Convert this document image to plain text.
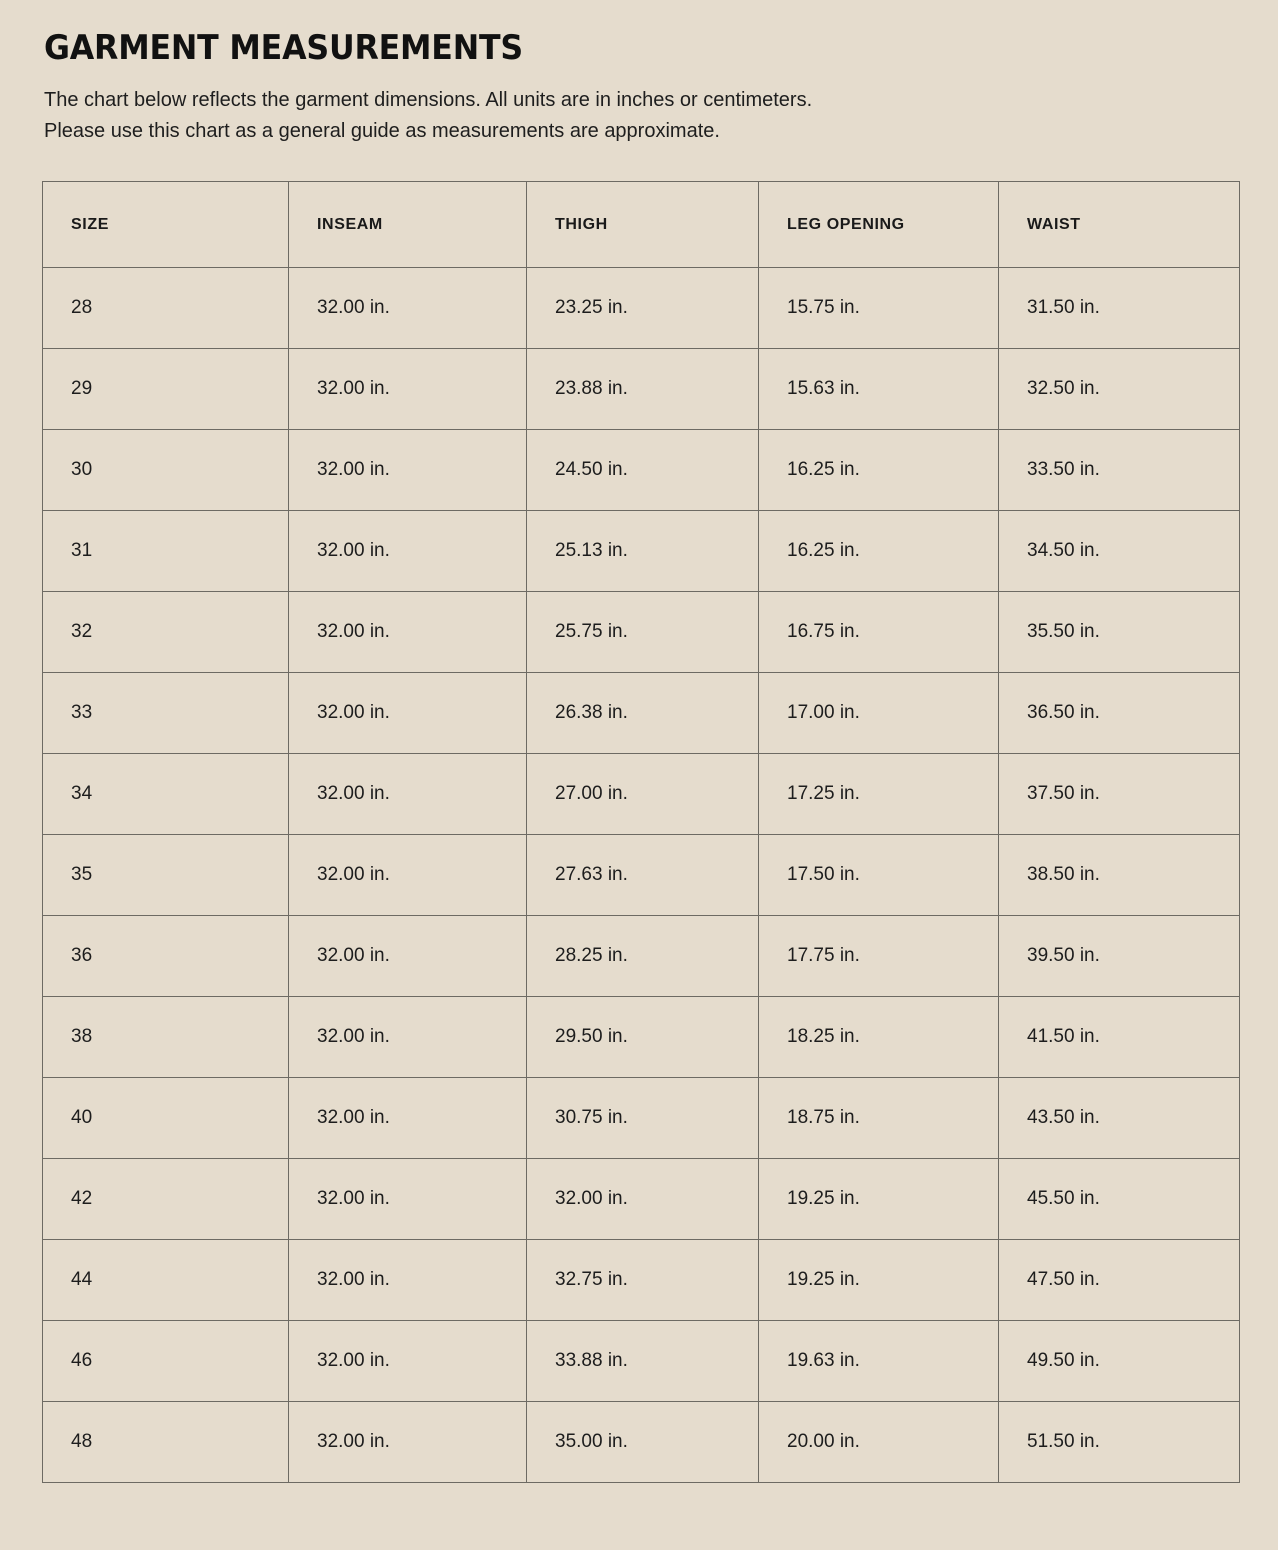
GARMENT MEASUREMENTS

The chart below reflects the garment dimensions. All units are in inches or centimeters.
Please use this chart as a general guide as measurements are approximate.

SIZE	INSEAM	THIGH	LEG OPENING	WAIST
28	32.00 in.	23.25 in.	15.75 in.	31.50 in.
29	32.00 in.	23.88 in.	15.63 in.	32.50 in.
30	32.00 in.	24.50 in.	16.25 in.	33.50 in.
31	32.00 in.	25.13 in.	16.25 in.	34.50 in.
32	32.00 in.	25.75 in.	16.75 in.	35.50 in.
33	32.00 in.	26.38 in.	17.00 in.	36.50 in.
34	32.00 in.	27.00 in.	17.25 in.	37.50 in.
35	32.00 in.	27.63 in.	17.50 in.	38.50 in.
36	32.00 in.	28.25 in.	17.75 in.	39.50 in.
38	32.00 in.	29.50 in.	18.25 in.	41.50 in.
40	32.00 in.	30.75 in.	18.75 in.	43.50 in.
42	32.00 in.	32.00 in.	19.25 in.	45.50 in.
44	32.00 in.	32.75 in.	19.25 in.	47.50 in.
46	32.00 in.	33.88 in.	19.63 in.	49.50 in.
48	32.00 in.	35.00 in.	20.00 in.	51.50 in.
